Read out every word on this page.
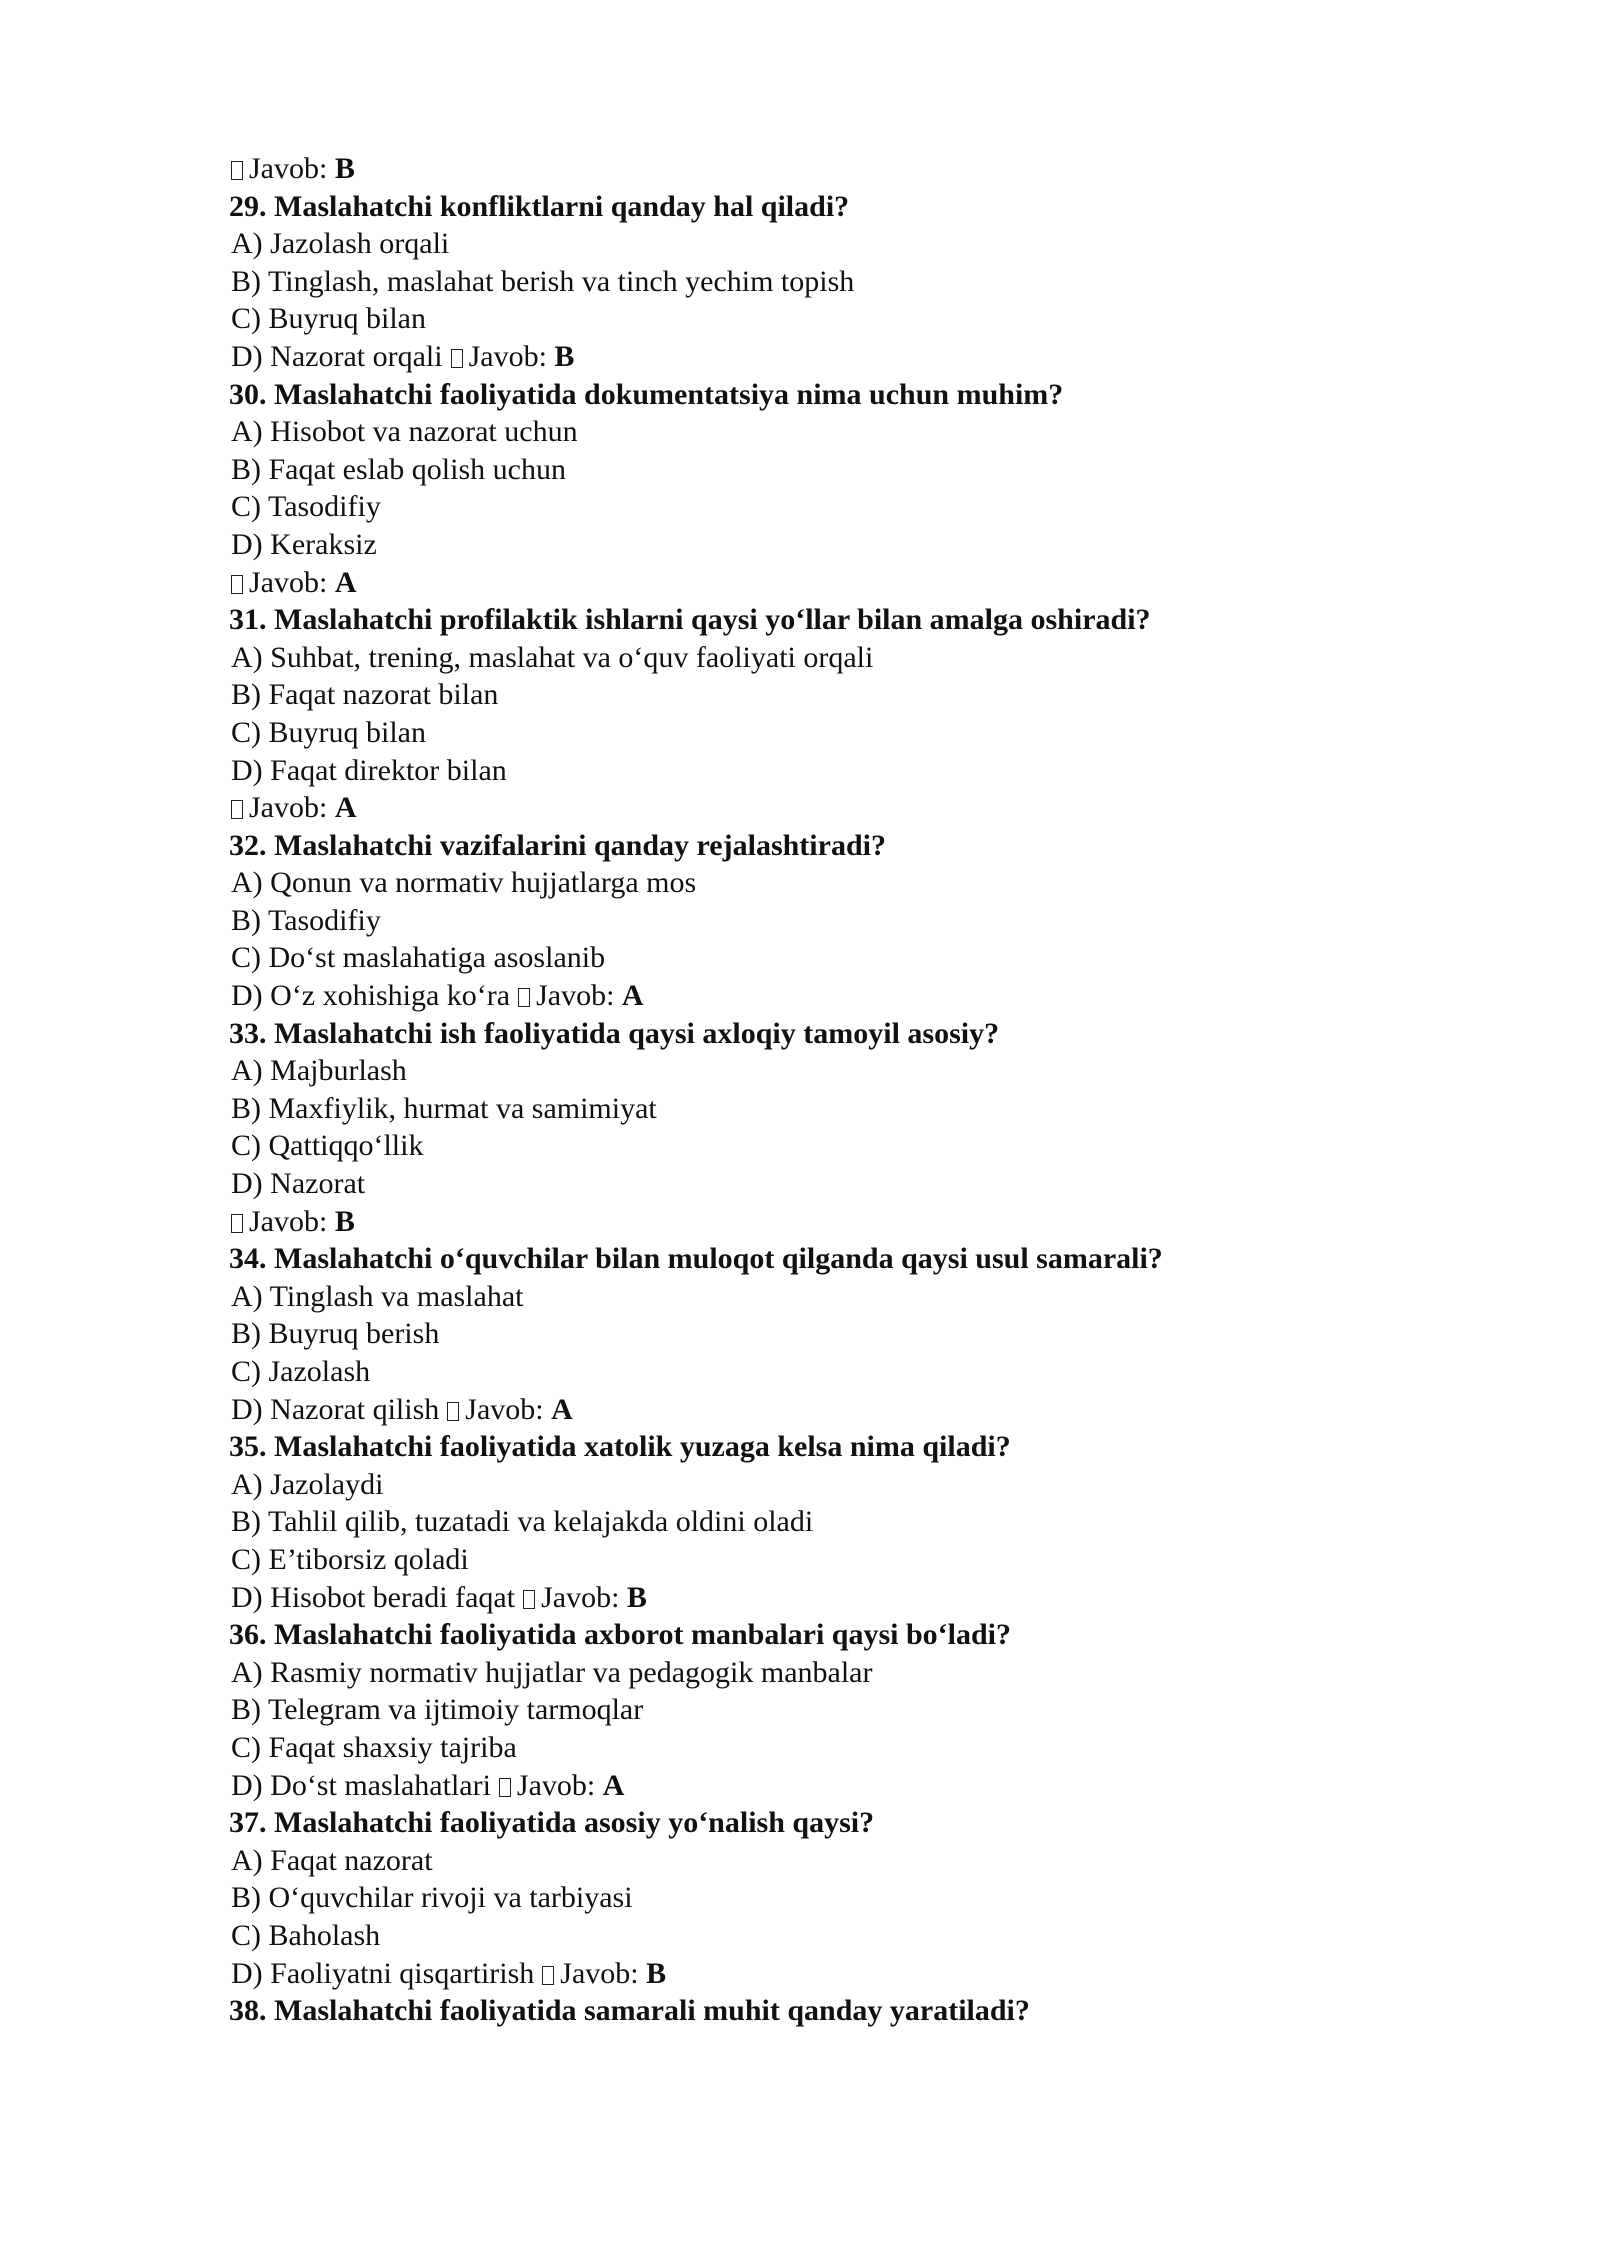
Javob: B
29. Maslahatchi konfliktlarni qanday hal qiladi?
A) Jazolash orqali
B) Tinglash, maslahat berish va tinch yechim topish
C) Buyruq bilan
D) Nazorat orqali Javob: B
30. Maslahatchi faoliyatida dokumentatsiya nima uchun muhim?
A) Hisobot va nazorat uchun
B) Faqat eslab qolish uchun
C) Tasodifiy
D) Keraksiz
Javob: A
31. Maslahatchi profilaktik ishlarni qaysi yo‘llar bilan amalga oshiradi?
A) Suhbat, trening, maslahat va o‘quv faoliyati orqali
B) Faqat nazorat bilan
C) Buyruq bilan
D) Faqat direktor bilan
Javob: A
32. Maslahatchi vazifalarini qanday rejalashtiradi?
A) Qonun va normativ hujjatlarga mos
B) Tasodifiy
C) Do‘st maslahatiga asoslanib
D) O‘z xohishiga ko‘ra Javob: A
33. Maslahatchi ish faoliyatida qaysi axloqiy tamoyil asosiy?
A) Majburlash
B) Maxfiylik, hurmat va samimiyat
C) Qattiqqo‘llik
D) Nazorat
Javob: B
34. Maslahatchi o‘quvchilar bilan muloqot qilganda qaysi usul samarali?
A) Tinglash va maslahat
B) Buyruq berish
C) Jazolash
D) Nazorat qilish Javob: A
35. Maslahatchi faoliyatida xatolik yuzaga kelsa nima qiladi?
A) Jazolaydi
B) Tahlil qilib, tuzatadi va kelajakda oldini oladi
C) E’tiborsiz qoladi
D) Hisobot beradi faqat Javob: B
36. Maslahatchi faoliyatida axborot manbalari qaysi bo‘ladi?
A) Rasmiy normativ hujjatlar va pedagogik manbalar
B) Telegram va ijtimoiy tarmoqlar
C) Faqat shaxsiy tajriba
D) Do‘st maslahatlari Javob: A
37. Maslahatchi faoliyatida asosiy yo‘nalish qaysi?
A) Faqat nazorat
B) O‘quvchilar rivoji va tarbiyasi
C) Baholash
D) Faoliyatni qisqartirish Javob: B
38. Maslahatchi faoliyatida samarali muhit qanday yaratiladi?
